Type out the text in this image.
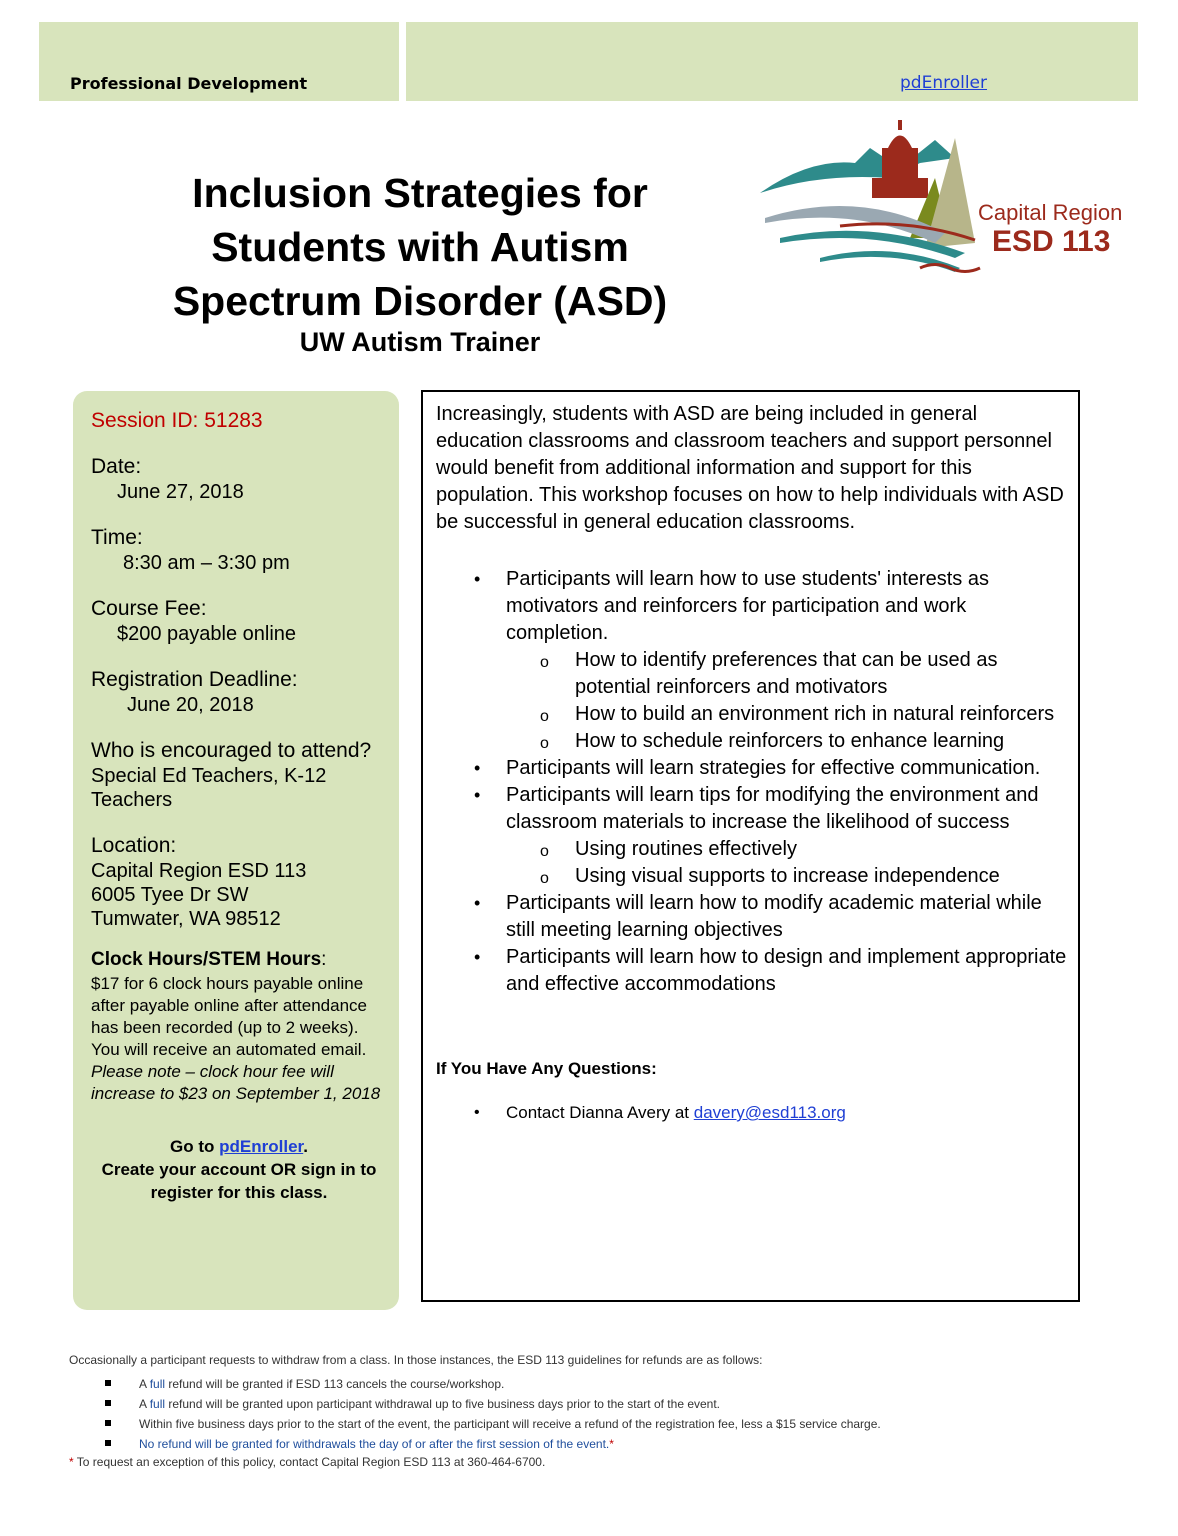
Professional Development	pdEnroller
Inclusion Strategies for
Students with Autism
Spectrum Disorder (ASD)
UW Autism Trainer
Capital Region
ESD 113

Session ID: 51283

Date:

June 27, 2018

Time:

8:30 am – 3:30 pm

Course Fee:

$200 payable online

Registration Deadline:

June 20, 2018

Who is encouraged to attend?

Special Ed Teachers, K-12 Teachers

Location:

Capital Region ESD 113
6005 Tyee Dr SW
Tumwater, WA 98512

Clock Hours/STEM Hours:

$17 for 6 clock hours payable online after payable online after attendance has been recorded (up to 2 weeks). You will receive an automated email.

Please note – clock hour fee will increase to $23 on September 1, 2018

Go to pdEnroller.
Create your account OR sign in to register for this class.

Increasingly, students with ASD are being included in general education classrooms and classroom teachers and support personnel would benefit from additional information and support for this population. This workshop focuses on how to help individuals with ASD be successful in general education classrooms.

• Participants will learn how to use students' interests as motivators and reinforcers for participation and work completion.
o How to identify preferences that can be used as potential reinforcers and motivators
o How to build an environment rich in natural reinforcers
o How to schedule reinforcers to enhance learning
• Participants will learn strategies for effective communication.
• Participants will learn tips for modifying the environment and classroom materials to increase the likelihood of success
o Using routines effectively
o Using visual supports to increase independence
• Participants will learn how to modify academic material while still meeting learning objectives
• Participants will learn how to design and implement appropriate and effective accommodations

If You Have Any Questions:

• Contact Dianna Avery at davery@esd113.org

Occasionally a participant requests to withdraw from a class. In those instances, the ESD 113 guidelines for refunds are as follows:

A full refund will be granted if ESD 113 cancels the course/workshop.
A full refund will be granted upon participant withdrawal up to five business days prior to the start of the event.
Within five business days prior to the start of the event, the participant will receive a refund of the registration fee, less a $15 service charge.
No refund will be granted for withdrawals the day of or after the first session of the event.*
* To request an exception of this policy, contact Capital Region ESD 113 at 360-464-6700.
